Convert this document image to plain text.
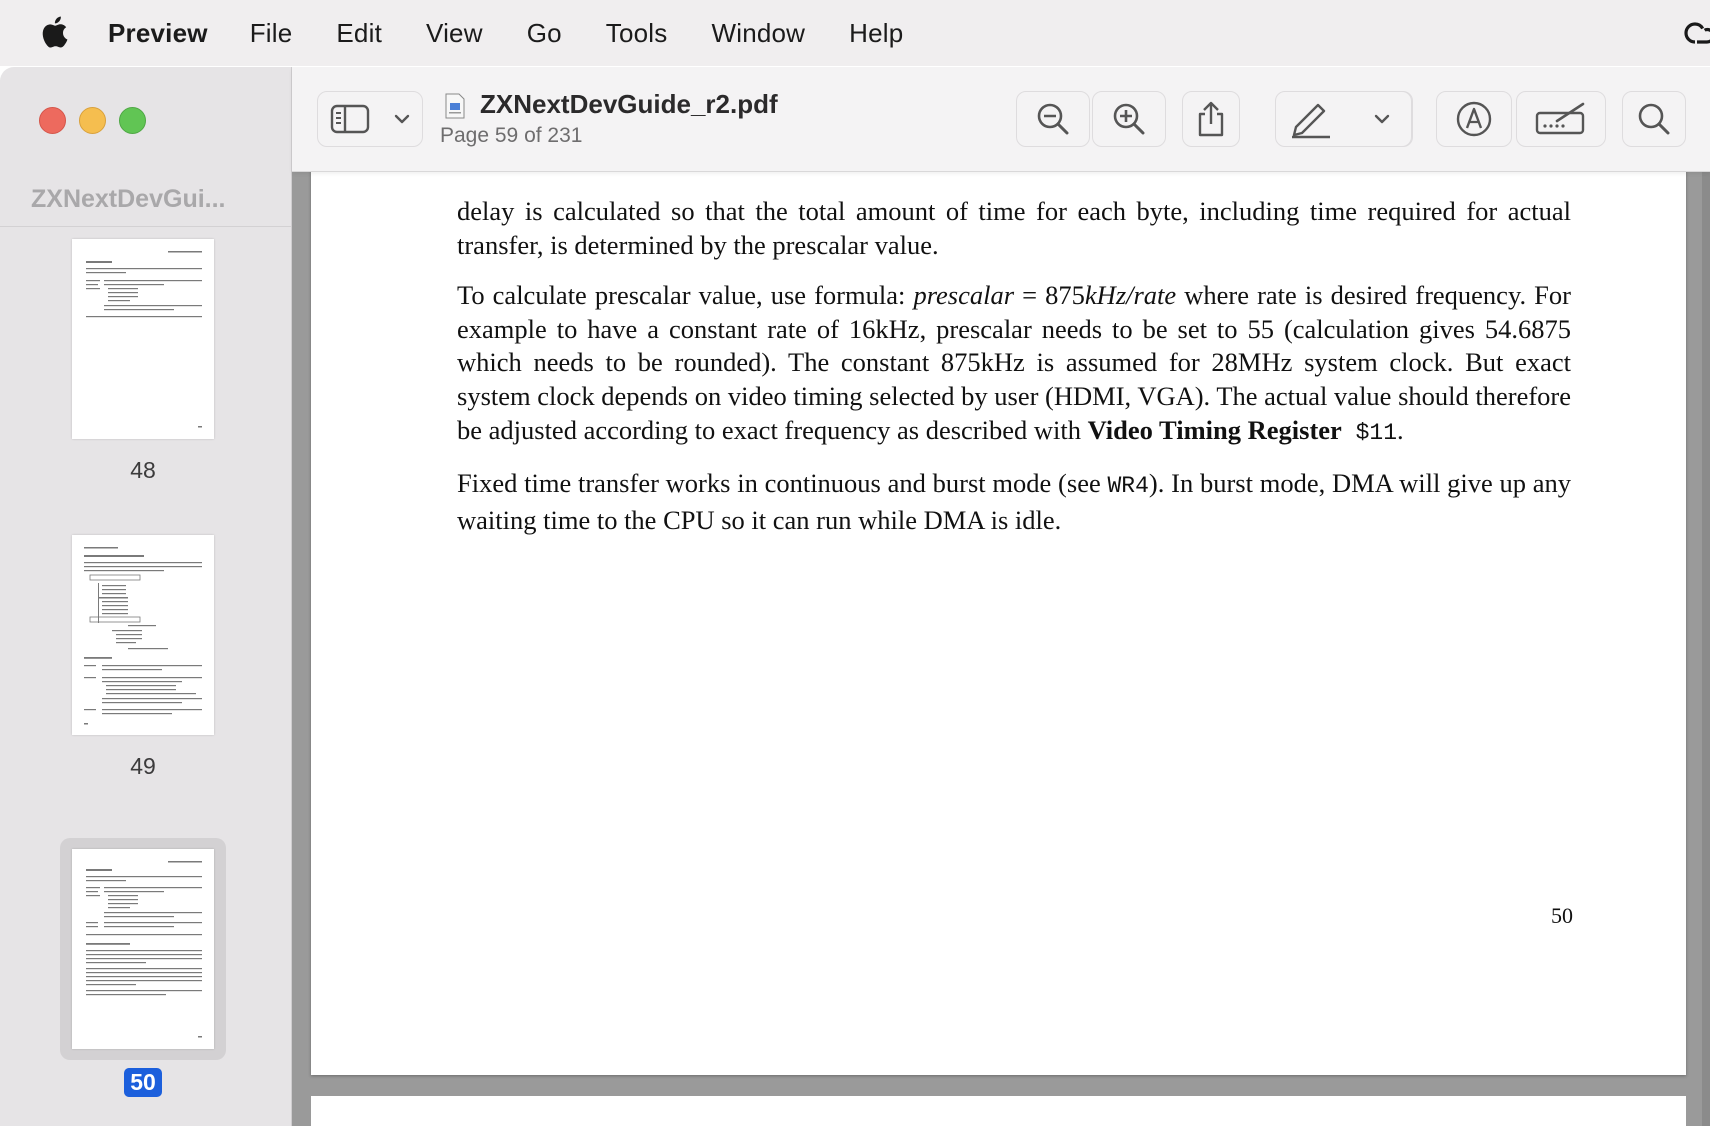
Preview File Edit View Go Tools Window Help
ZXNextDevGui...
48
49
50
ZXNextDevGuide_r2.pdf
Page 59 of 231

delay is calculated so that the total amount of time for each byte, including time required for actual transfer, is determined by the prescalar value.

To calculate prescalar value, use formula: prescalar = 875kHz/rate where rate is desired frequency. For example to have a constant rate of 16kHz, prescalar needs to be set to 55 (calculation gives 54.6875 which needs to be rounded). The constant 875kHz is assumed for 28MHz system clock. But exact system clock depends on video timing selected by user (HDMI, VGA). The actual value should therefore be adjusted according to exact frequency as described with Video Timing Register $11.

Fixed time transfer works in continuous and burst mode (see WR4). In burst mode, DMA will give up any waiting time to the CPU so it can run while DMA is idle.

50
